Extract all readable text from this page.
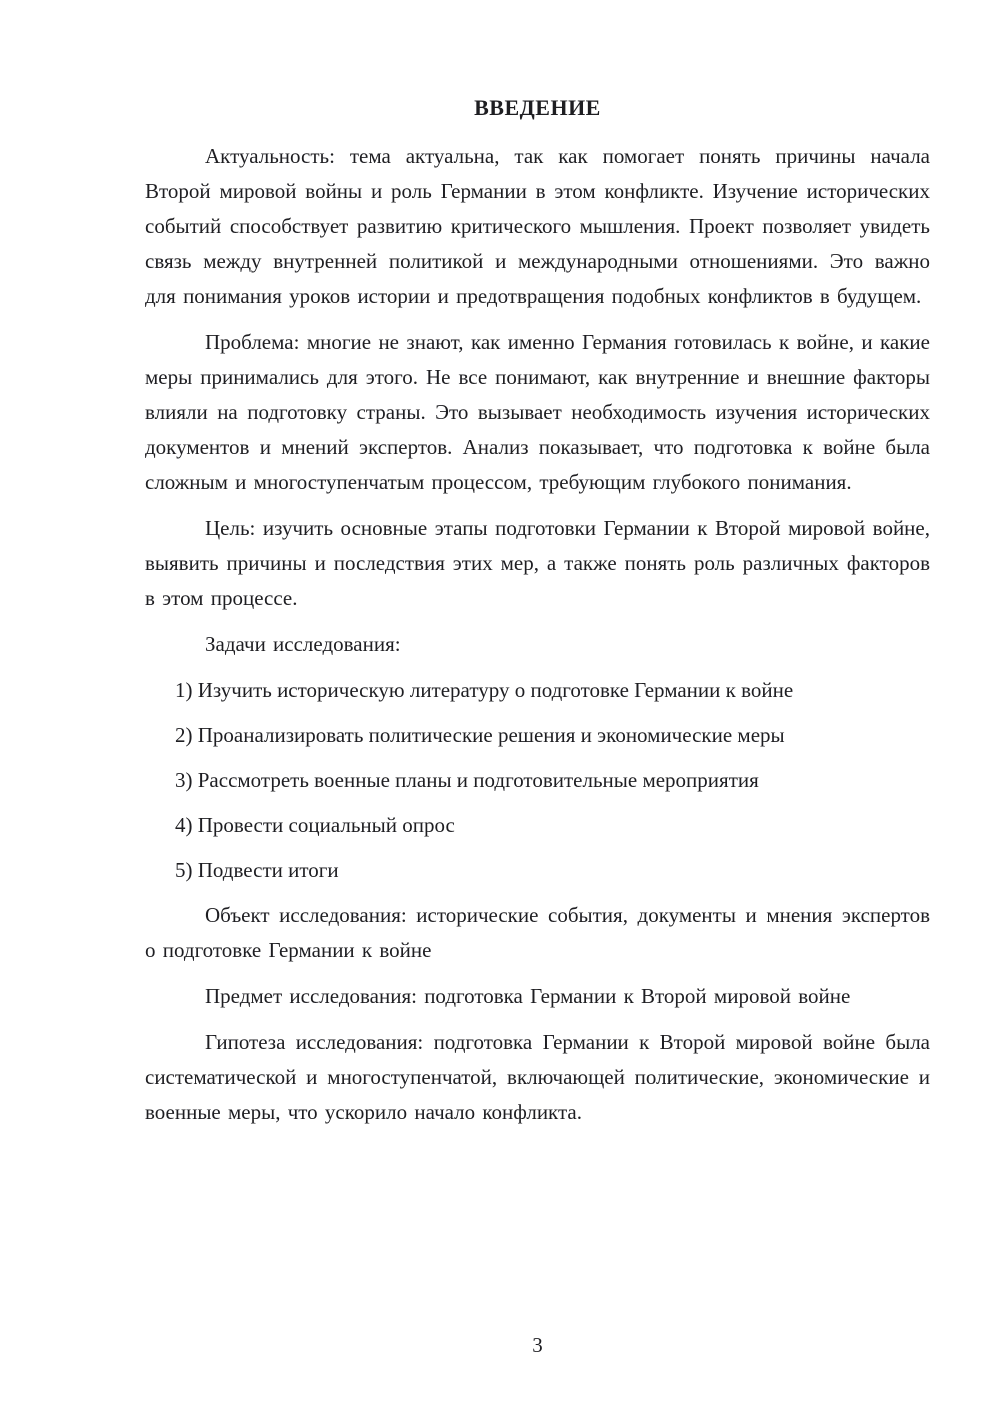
ВВЕДЕНИЕ

Актуальность: тема актуальна, так как помогает понять причины начала Второй мировой войны и роль Германии в этом конфликте. Изучение исторических событий способствует развитию критического мышления. Проект позволяет увидеть связь между внутренней политикой и международными отношениями. Это важно для понимания уроков истории и предотвращения подобных конфликтов в будущем.

Проблема: многие не знают, как именно Германия готовилась к войне, и какие меры принимались для этого. Не все понимают, как внутренние и внешние факторы влияли на подготовку страны. Это вызывает необходимость изучения исторических документов и мнений экспертов. Анализ показывает, что подготовка к войне была сложным и многоступенчатым процессом, требующим глубокого понимания.

Цель: изучить основные этапы подготовки Германии к Второй мировой войне, выявить причины и последствия этих мер, а также понять роль различных факторов в этом процессе.

Задачи исследования:

1) Изучить историческую литературу о подготовке Германии к войне

2) Проанализировать политические решения и экономические меры

3) Рассмотреть военные планы и подготовительные мероприятия

4) Провести социальный опрос

5) Подвести итоги

Объект исследования: исторические события, документы и мнения экспертов о подготовке Германии к войне

Предмет исследования: подготовка Германии к Второй мировой войне

Гипотеза исследования: подготовка Германии к Второй мировой войне была систематической и многоступенчатой, включающей политические, экономические и военные меры, что ускорило начало конфликта.

3
